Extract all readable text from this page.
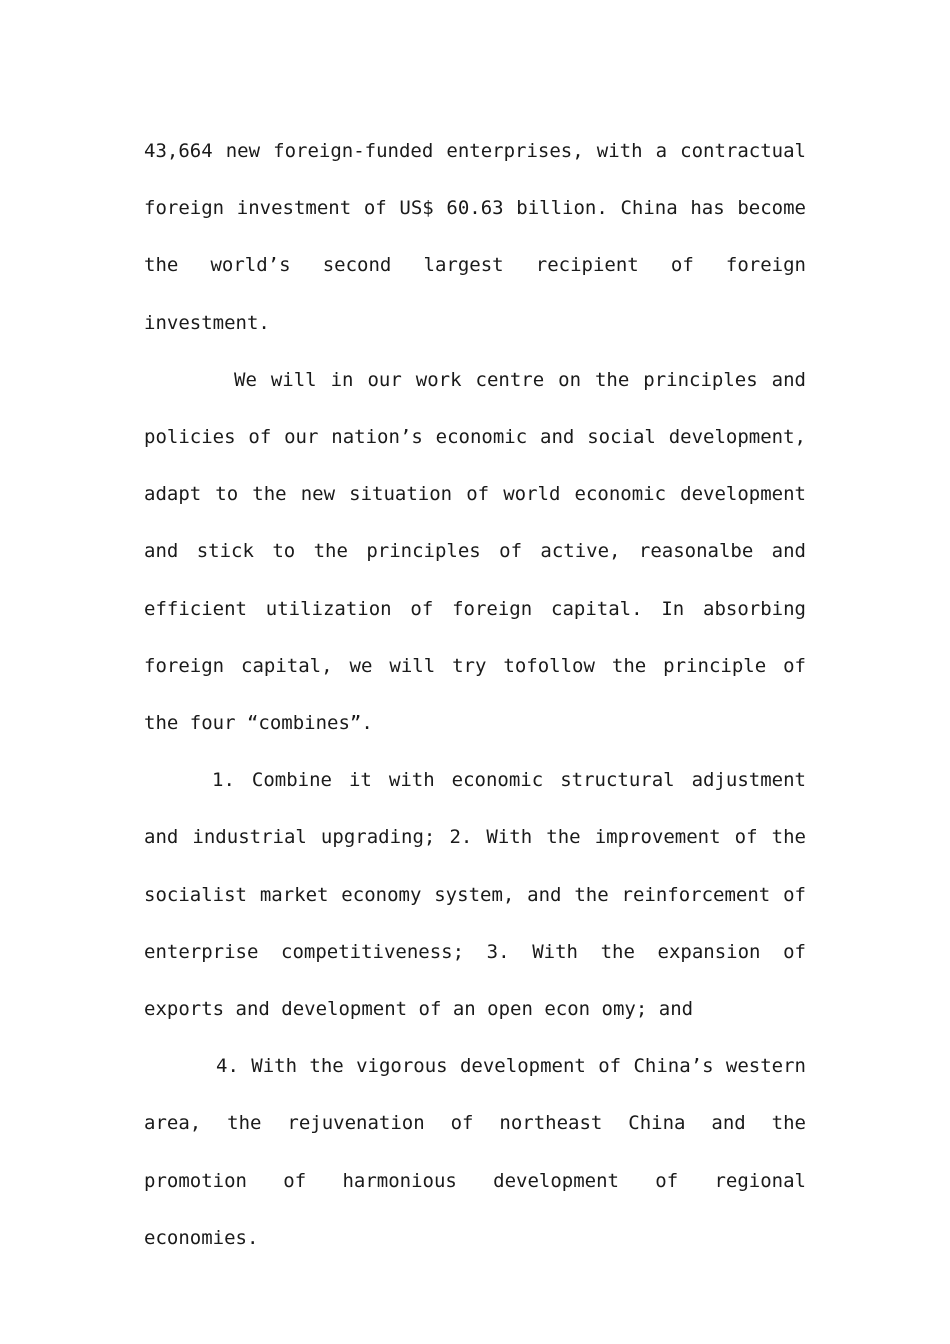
43,664 new foreign-funded enterprises, with a contractual foreign investment of US$ 60.63 billion. China has become the world’s second largest recipient of foreign investment.

We will in our work centre on the principles and policies of our nation’s economic and social development, adapt to the new situation of world economic development and stick to the principles of active, reasonalbe and efficient utilization of foreign capital. In absorbing foreign capital, we will try tofollow the principle of the four “combines”.

1. Combine it with economic structural adjustment and industrial upgrading; 2. With the improvement of the socialist market economy system, and the reinforcement of enterprise competitiveness; 3. With the expansion of exports and development of an open econ omy; and

4. With the vigorous development of China’s western area, the rejuvenation of northeast China and the promotion of harmonious development of regional economies.
